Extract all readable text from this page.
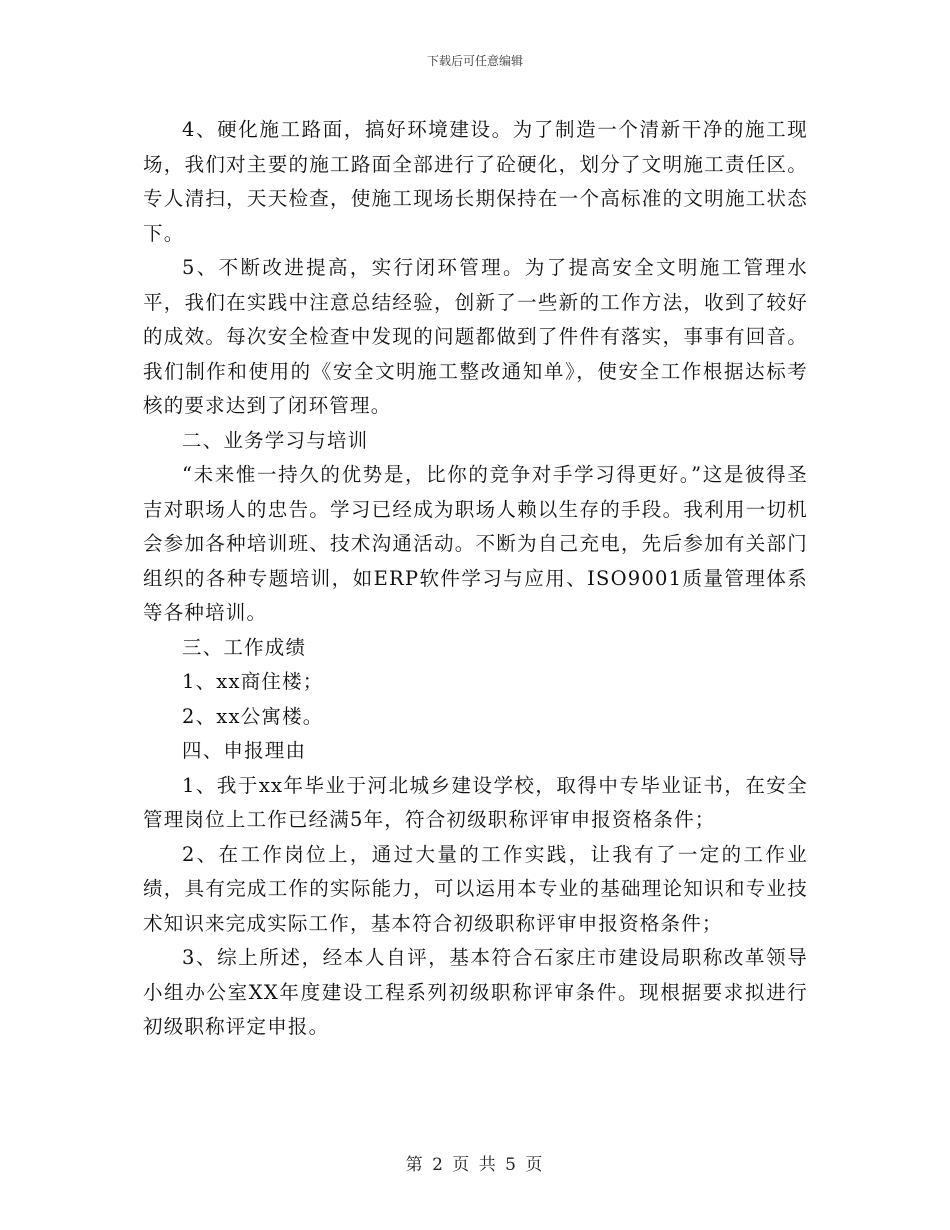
下载后可任意编辑

4、硬化施工路面，搞好环境建设。为了制造一个清新干净的施工现场，我们对主要的施工路面全部进行了砼硬化，划分了文明施工责任区。专人清扫，天天检查，使施工现场长期保持在一个高标准的文明施工状态下。

5、不断改进提高，实行闭环管理。为了提高安全文明施工管理水平，我们在实践中注意总结经验，创新了一些新的工作方法，收到了较好的成效。每次安全检查中发现的问题都做到了件件有落实，事事有回音。我们制作和使用的《安全文明施工整改通知单》，使安全工作根据达标考核的要求达到了闭环管理。

二、业务学习与培训

“未来惟一持久的优势是，比你的竞争对手学习得更好。”这是彼得圣吉对职场人的忠告。学习已经成为职场人赖以生存的手段。我利用一切机会参加各种培训班、技术沟通活动。不断为自己充电，先后参加有关部门组织的各种专题培训，如ERP软件学习与应用、ISO9001质量管理体系等各种培训。

三、工作成绩

1、xx商住楼；

2、xx公寓楼。

四、申报理由

1、我于xx年毕业于河北城乡建设学校，取得中专毕业证书，在安全管理岗位上工作已经满5年，符合初级职称评审申报资格条件；

2、在工作岗位上，通过大量的工作实践，让我有了一定的工作业绩，具有完成工作的实际能力，可以运用本专业的基础理论知识和专业技术知识来完成实际工作，基本符合初级职称评审申报资格条件；

3、综上所述，经本人自评，基本符合石家庄市建设局职称改革领导小组办公室XX年度建设工程系列初级职称评审条件。现根据要求拟进行初级职称评定申报。

第 2 页 共 5 页
